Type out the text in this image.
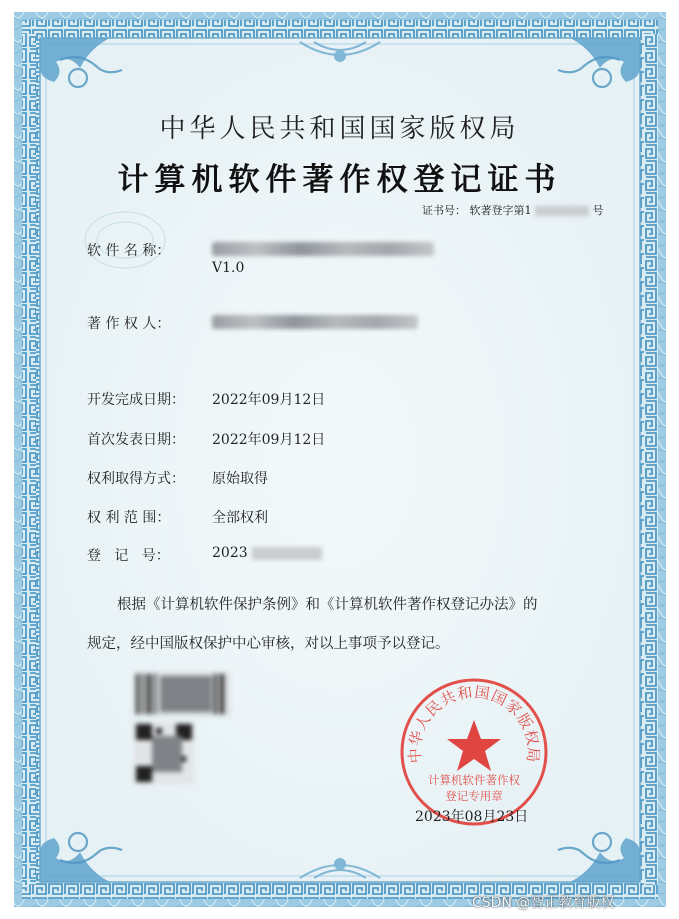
中华人民共和国国家版权局
计算机软件著作权登记证书
证书号： 软著登字第1	号
软 件 名 称：
V1.0
著 作 权 人：
开发完成日期： 2022年09月12日
首次发表日期： 2022年09月12日
权利取得方式： 原始取得
权 利 范 围：	全部权利
登   记   号：	2023
根据《计算机软件保护条例》和《计算机软件著作权登记办法》的
规定，经中国版权保护中心审核，对以上事项予以登记。
中华人民共和国国家版权局
计算机软件著作权
登记专用章
2023年08月23日
CSDN @智正教育版权
